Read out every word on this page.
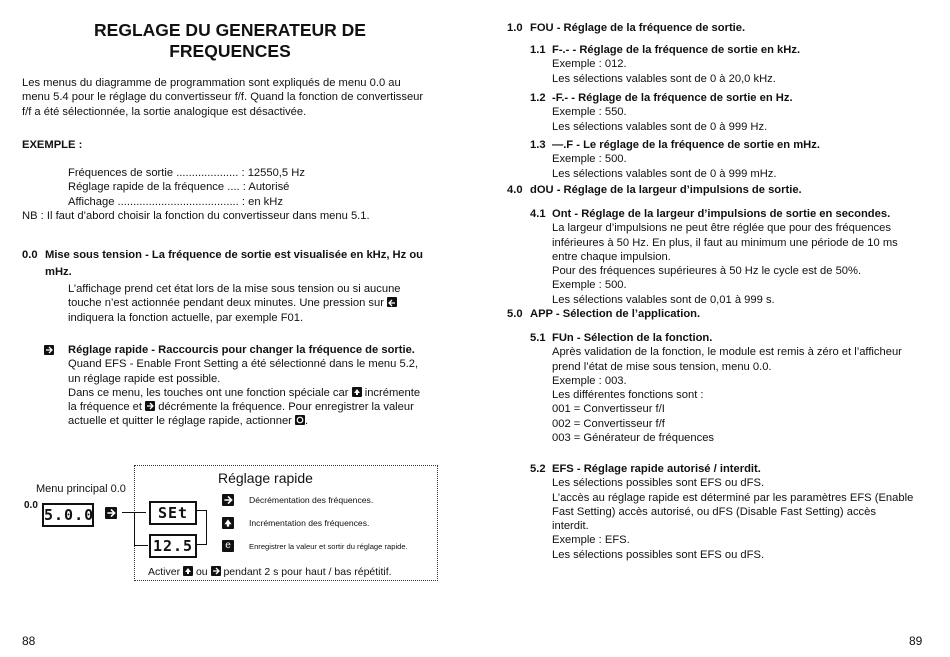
REGLAGE DU GENERATEUR DE
FREQUENCES
Les menus du diagramme de programmation sont expliqués de menu 0.0 au
menu 5.4 pour le réglage du convertisseur f/f. Quand la fonction de convertisseur
f/f a été sélectionnée, la sortie analogique est désactivée.
EXEMPLE :
Fréquences de sortie .................... : 12550,5 Hz
Réglage rapide de la fréquence .... : Autorisé
Affichage ....................................... : en kHz
NB : Il faut d’abord choisir la fonction du convertisseur dans menu 5.1.
0.0 Mise sous tension - La fréquence de sortie est visualisée en kHz, Hz ou
mHz.
L’affichage prend cet état lors de la mise sous tension ou si aucune
touche n’est actionnée pendant deux minutes. Une pression sur
indiquera la fonction actuelle, par exemple F01.
Réglage rapide - Raccourcis pour changer la fréquence de sortie.
Quand EFS - Enable Front Setting a été sélectionné dans le menu 5.2,
un réglage rapide est possible.
Dans ce menu, les touches ont une fonction spéciale car incrémente
la fréquence et décrémente la fréquence. Pour enregistrer la valeur
actuelle et quitter le réglage rapide, actionner .
Réglage rapide
Menu principal 0.0
0.0
5.0.0	SEt
12.5
Décrémentation des fréquences.
Incrémentation des fréquences.
e	Enregistrer la valeur et sortir du réglage rapide.
Activer ou pendant 2 s pour haut / bas répétitif.
88
1.0 FOU - Réglage de la fréquence de sortie.
1.1 F-.- - Réglage de la fréquence de sortie en kHz.
Exemple : 012.
Les sélections valables sont de 0 à 20,0 kHz.
1.2 -F.- - Réglage de la fréquence de sortie en Hz.
Exemple : 550.
Les sélections valables sont de 0 à 999 Hz.
1.3 —.F - Le réglage de la fréquence de sortie en mHz.
Exemple : 500.
Les sélections valables sont de 0 à 999 mHz.
4.0 dOU - Réglage de la largeur d’impulsions de sortie.
4.1 Ont - Réglage de la largeur d’impulsions de sortie en secondes.
La largeur d’impulsions ne peut être réglée que pour des fréquences
inférieures à 50 Hz. En plus, il faut au minimum une période de 10 ms
entre chaque impulsion.
Pour des fréquences supérieures à 50 Hz le cycle est de 50%.
Exemple : 500.
Les sélections valables sont de 0,01 à 999 s.
5.0 APP - Sélection de l’application.
5.1 FUn - Sélection de la fonction.
Après validation de la fonction, le module est remis à zéro et l’afficheur
prend l’état de mise sous tension, menu 0.0.
Exemple : 003.
Les différentes fonctions sont :
001 = Convertisseur f/I
002 = Convertisseur f/f
003 = Générateur de fréquences
5.2 EFS - Réglage rapide autorisé / interdit.
Les sélections possibles sont EFS ou dFS.
L’accès au réglage rapide est déterminé par les paramètres EFS (Enable
Fast Setting) accès autorisé, ou dFS (Disable Fast Setting) accès
interdit.
Exemple : EFS.
Les sélections possibles sont EFS ou dFS.
89
